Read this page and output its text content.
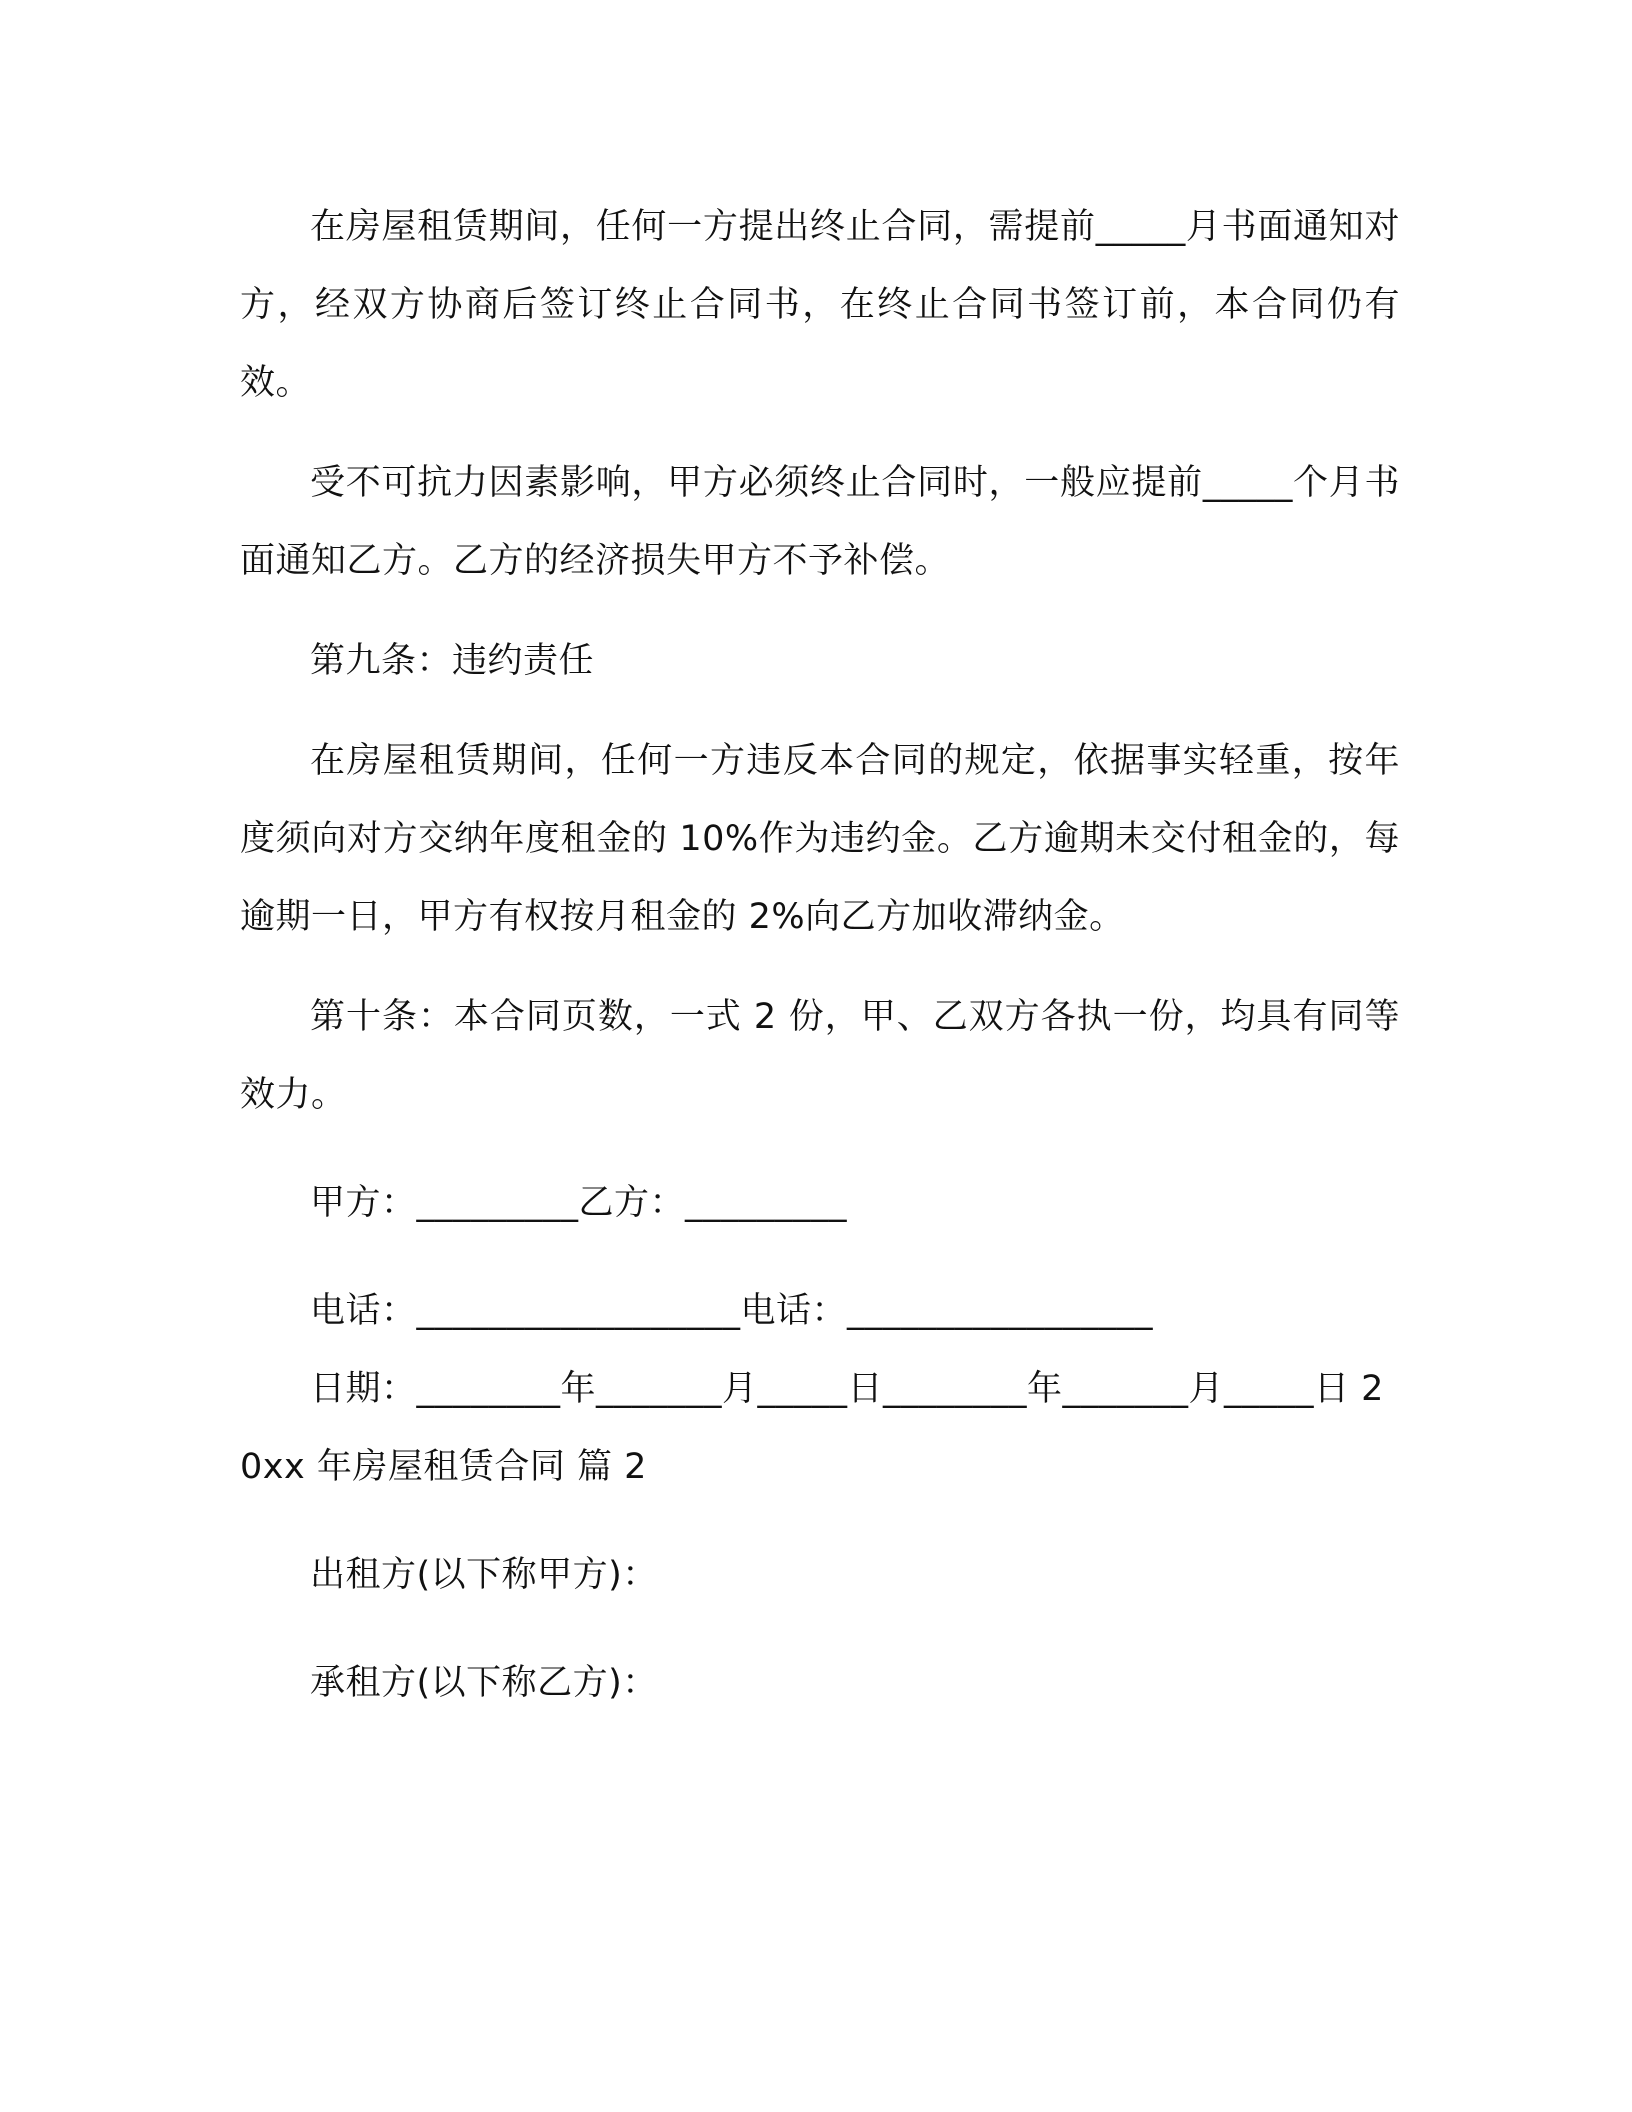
在房屋租赁期间，任何一方提出终止合同，需提前_____月书面通知对方，经双方协商后签订终止合同书，在终止合同书签订前，本合同仍有效。

受不可抗力因素影响，甲方必须终止合同时，一般应提前_____个月书面通知乙方。乙方的经济损失甲方不予补偿。

第九条：违约责任

在房屋租赁期间，任何一方违反本合同的规定，依据事实轻重，按年度须向对方交纳年度租金的 10%作为违约金。乙方逾期未交付租金的，每逾期一日，甲方有权按月租金的 2%向乙方加收滞纳金。

第十条：本合同页数，一式 2 份，甲、乙双方各执一份，均具有同等效力。

甲方：_________乙方：_________

电话：__________________电话：_________________

日期：________年_______月_____日________年_______月_____日 20xx 年房屋租赁合同 篇 2

出租方(以下称甲方)：

承租方(以下称乙方)：
